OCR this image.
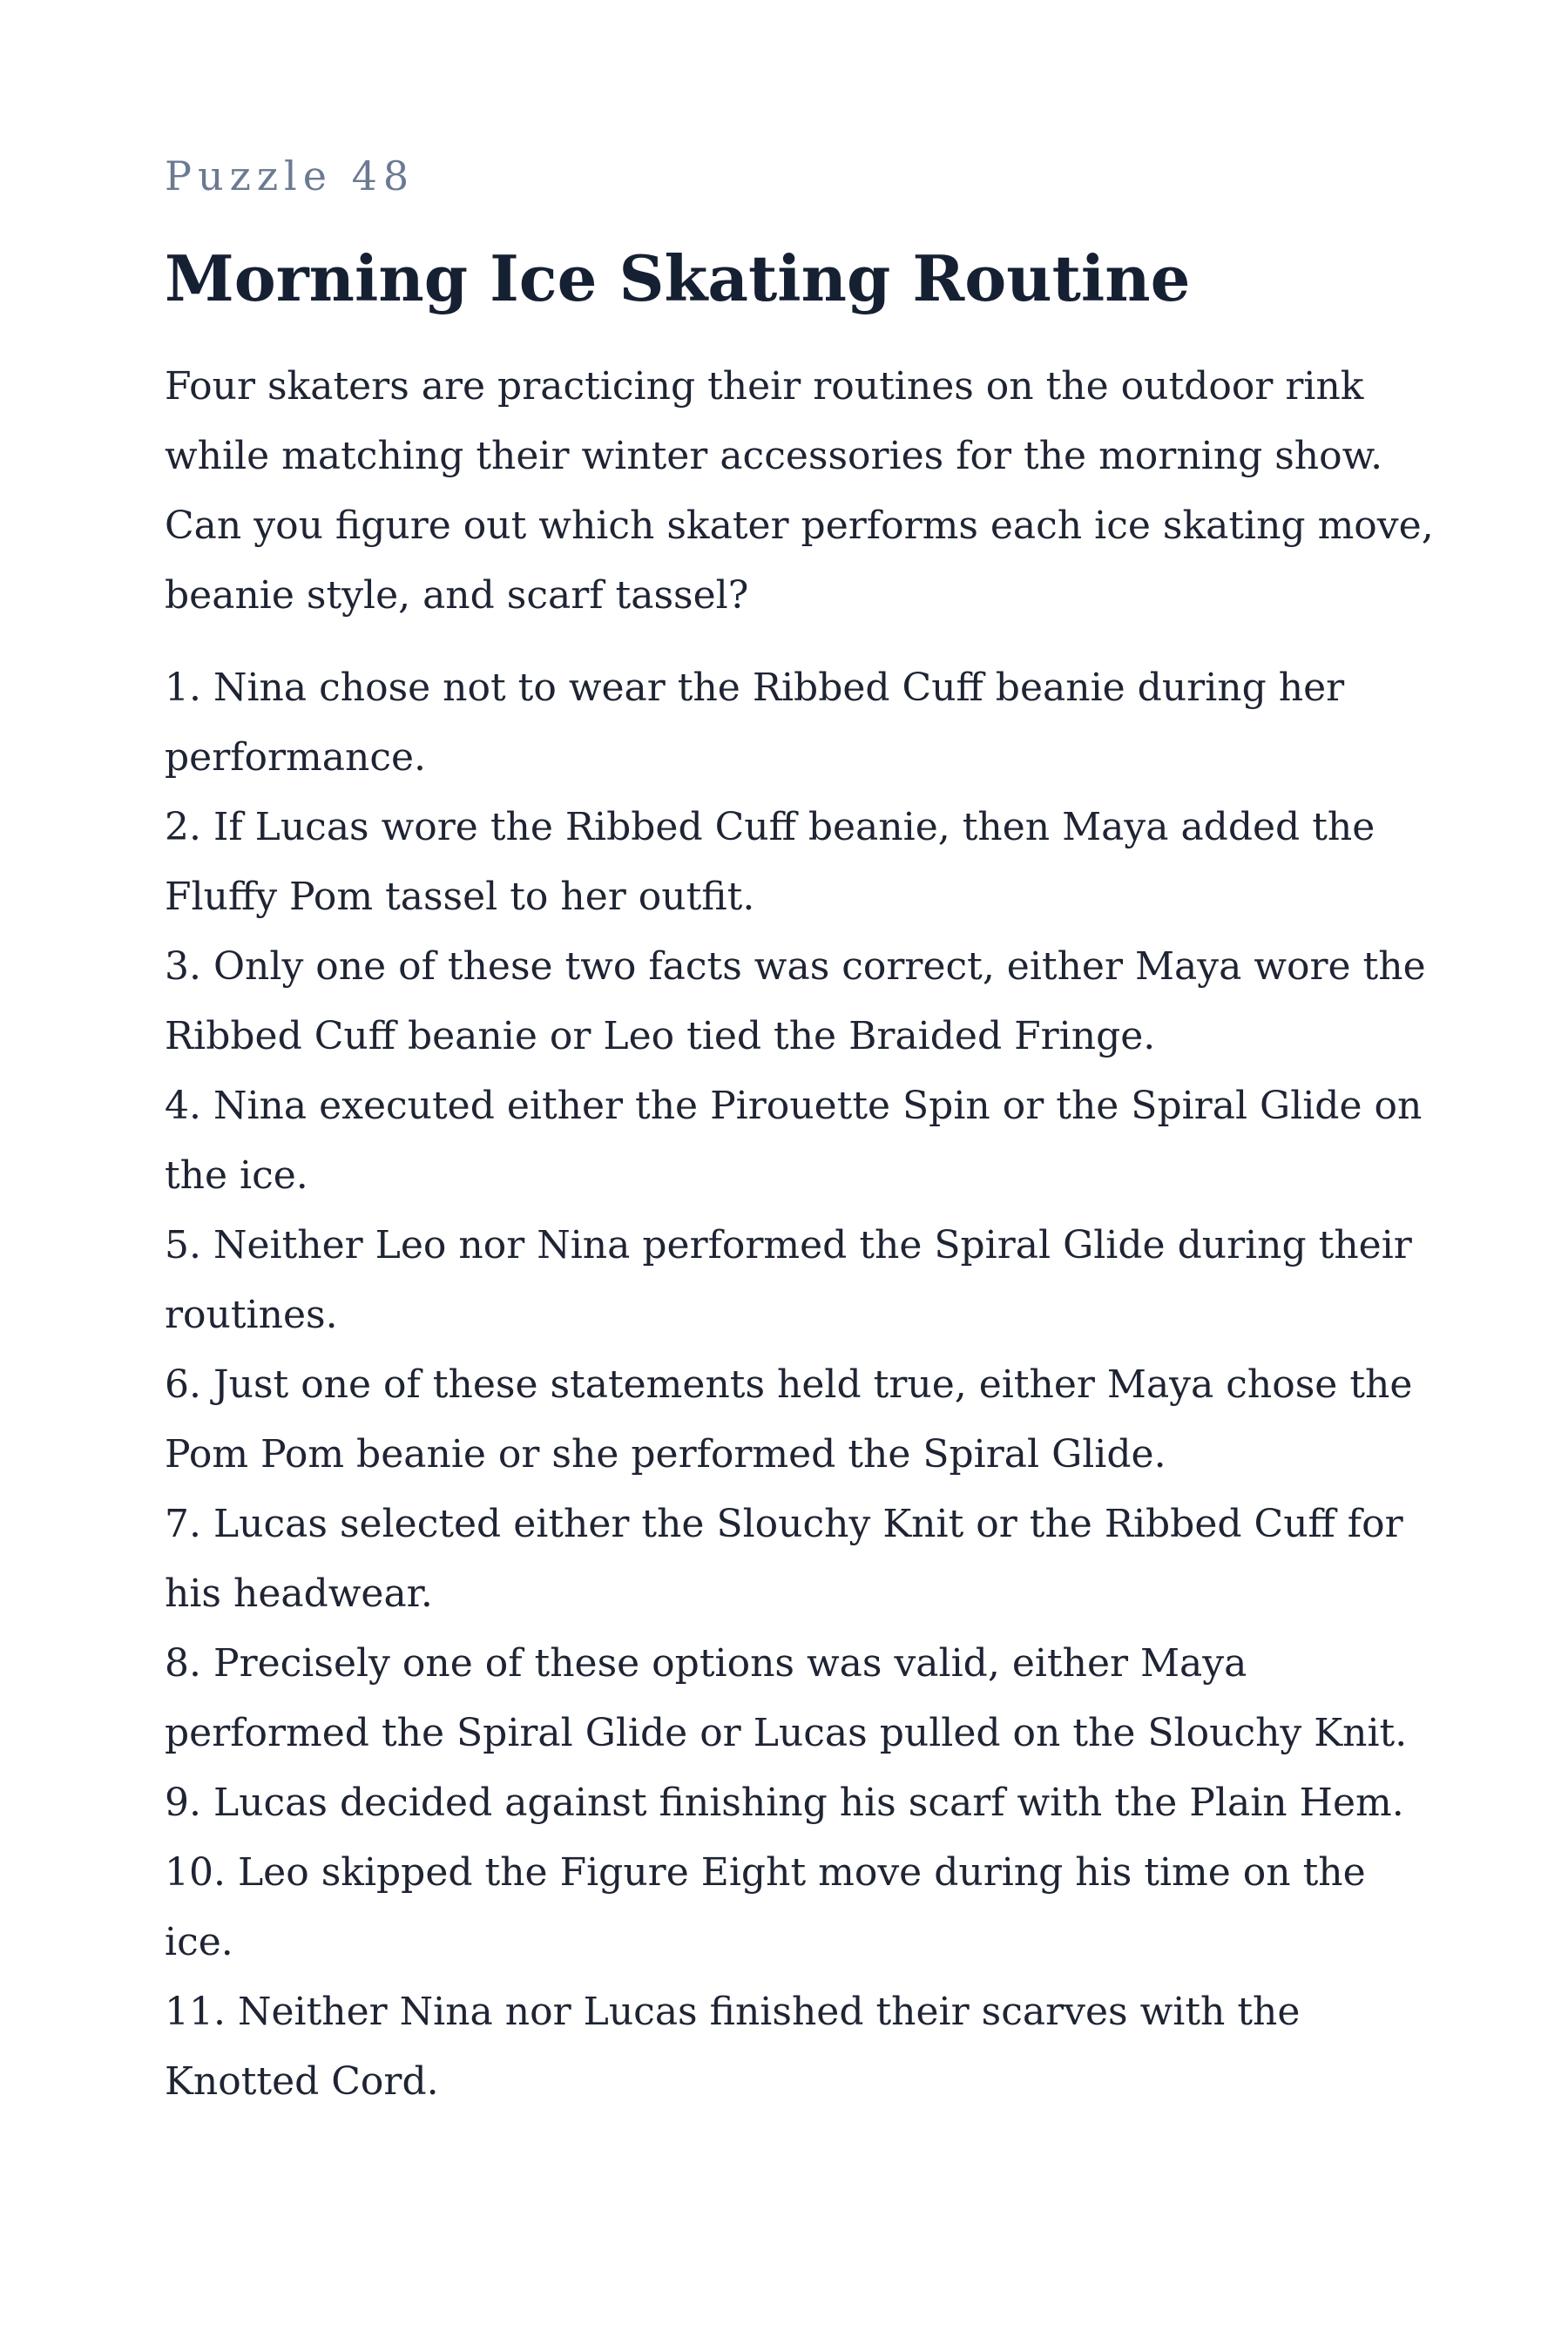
Puzzle 48

Morning Ice Skating Routine

Four skaters are practicing their routines on the outdoor rink while matching their winter accessories for the morning show. Can you figure out which skater performs each ice skating move, beanie style, and scarf tassel?

1. Nina chose not to wear the Ribbed Cuff beanie during her performance.
2. If Lucas wore the Ribbed Cuff beanie, then Maya added the Fluffy Pom tassel to her outfit.
3. Only one of these two facts was correct, either Maya wore the Ribbed Cuff beanie or Leo tied the Braided Fringe.
4. Nina executed either the Pirouette Spin or the Spiral Glide on the ice.
5. Neither Leo nor Nina performed the Spiral Glide during their routines.
6. Just one of these statements held true, either Maya chose the Pom Pom beanie or she performed the Spiral Glide.
7. Lucas selected either the Slouchy Knit or the Ribbed Cuff for his headwear.
8. Precisely one of these options was valid, either Maya performed the Spiral Glide or Lucas pulled on the Slouchy Knit.
9. Lucas decided against finishing his scarf with the Plain Hem.
10. Leo skipped the Figure Eight move during his time on the ice.
11. Neither Nina nor Lucas finished their scarves with the Knotted Cord.
